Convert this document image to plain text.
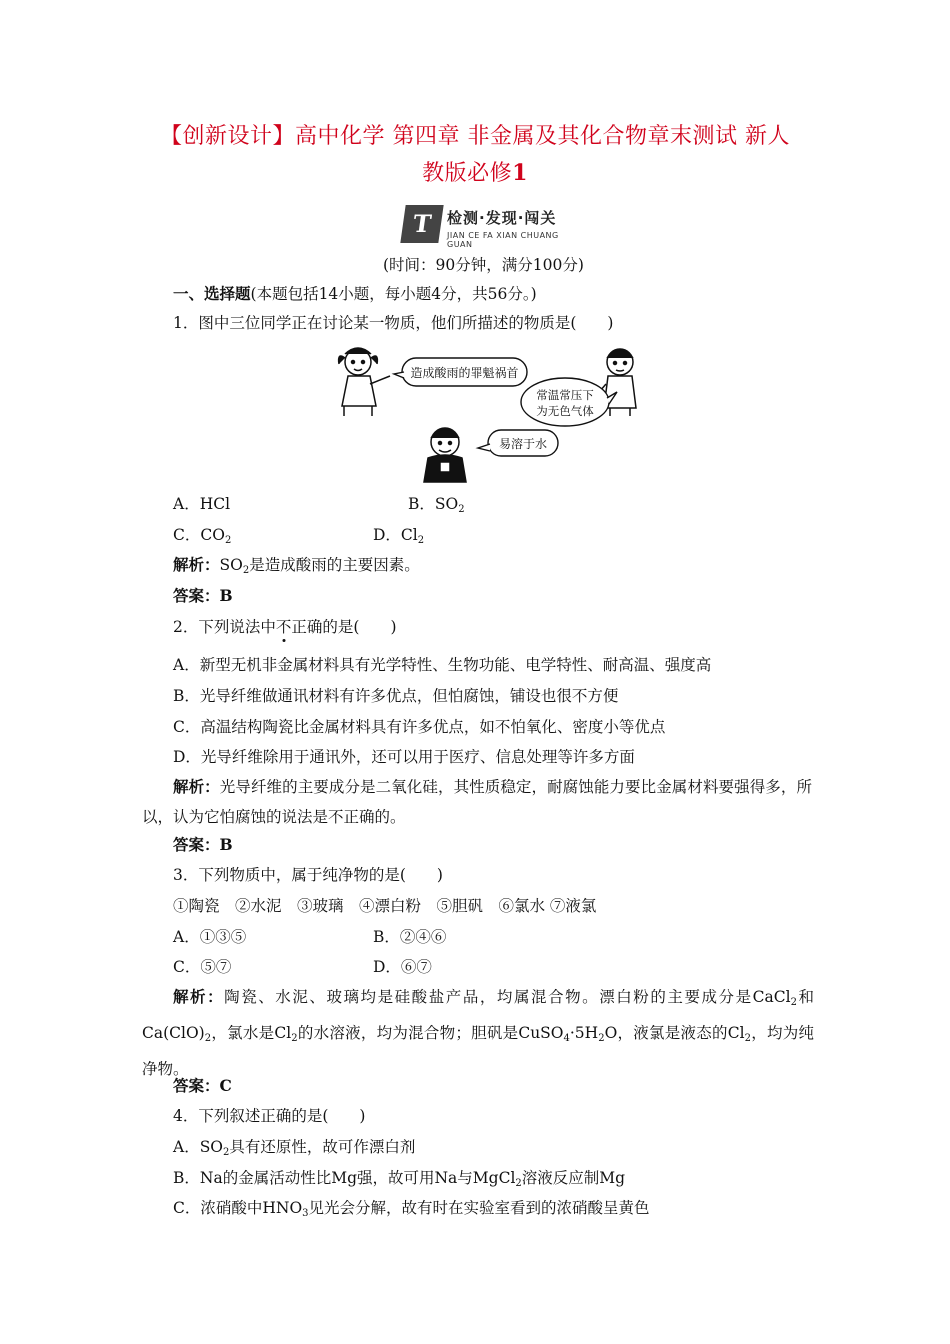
【创新设计】高中化学 第四章 非金属及其化合物章末测试 新人
教版必修1
T 检测·发现·闯关
JIAN CE FA XIAN CHUANG GUAN
(时间：90分钟，满分100分)
一、选择题(本题包括14小题，每小题4分，共56分。)
1．图中三位同学正在讨论某一物质，他们所描述的物质是(　　)
造成酸雨的罪魁祸首
常温常压下
为无色气体
易溶于水
A．HCl	B．$SO_2$
C．$CO_2$	D．$Cl_2$
解析：$SO_2$是造成酸雨的主要因素。
答案：B
2．下列说法中不正确的是(　　)
A．新型无机非金属材料具有光学特性、生物功能、电学特性、耐高温、强度高
B．光导纤维做通讯材料有许多优点，但怕腐蚀，铺设也很不方便
C．高温结构陶瓷比金属材料具有许多优点，如不怕氧化、密度小等优点
D．光导纤维除用于通讯外，还可以用于医疗、信息处理等许多方面
解析：光导纤维的主要成分是二氧化硅，其性质稳定，耐腐蚀能力要比金属材料要强得多，所以，认为它怕腐蚀的说法是不正确的。
答案：B
3．下列物质中，属于纯净物的是(　　)
①陶瓷　②水泥　③玻璃　④漂白粉　⑤胆矾　⑥氯水 ⑦液氯
A．①③⑤	B．②④⑥
C．⑤⑦	D．⑥⑦
解析：陶瓷、水泥、玻璃均是硅酸盐产品，均属混合物。漂白粉的主要成分是CaCl$_2$和$Ca(ClO)_2$，氯水是$Cl_2$的水溶液，均为混合物；胆矾是$CuSO_4\cdot 5H_2O$，液氯是液态的$Cl_2$，均为纯净物。
答案：C
4．下列叙述正确的是(　　)
A．$SO_2$具有还原性，故可作漂白剂
B．Na的金属活动性比Mg强，故可用Na与MgCl$_2$溶液反应制Mg
C．浓硝酸中$HNO_3$见光会分解，故有时在实验室看到的浓硝酸呈黄色
